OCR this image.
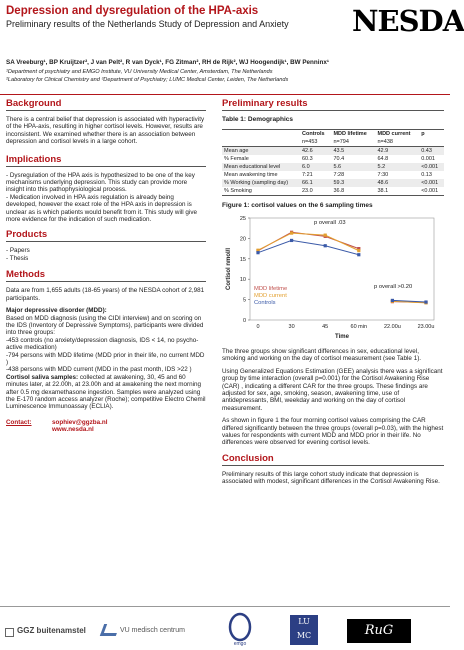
Depression and dysregulation of the HPA-axis
Preliminary results of the Netherlands Study of Depression and Anxiety NESDA
SA Vreeburg¹, BP Kruijtzer², J van Pelt², R van Dyck¹, FG Zitman², RH de Rijk², WJ Hoogendijk¹, BW Penninx¹
¹Department of psychiatry and EMGO Institute, VU University Medical Center, Amsterdam, The Netherlands
²Laboratory for Clinical Chemistry and ³Department of Psychiatry; LUMC Medical Center, Leiden, The Netherlands
Background

There is a central belief that depression is associated with hyperactivity of the HPA-axis, resulting in higher cortisol levels. However, results are inconsistent. We examined whether there is an association between depression and cortisol levels in a large cohort.

Implications

- Dysregulation of the HPA axis is hypothesized to be one of the key mechanisms underlying depression. This study can provide more insight into this pathophysiological process.

- Medication involved in HPA axis regulation is already being developed, however the exact role of the HPA axis in depression is unclear as is which patients would benefit from it. This study will give more evidence for the indication of such medication.

Products

- Papers

- Thesis

Methods

Data are from 1,655 adults (18-65 years) of the NESDA cohort of 2,981 participants.

Major depressive disorder (MDD):

Based on MDD diagnosis (using the CIDI interview) and on scoring on the IDS (Inventory of Depressive Symptoms), participants were divided into three groups:

-453 controls (no anxiety/depression diagnosis, IDS < 14, no psycho-active medication)

-794 persons with MDD lifetime (MDD prior in their life, no current MDD )

-438 persons with MDD current (MDD in the past month, IDS >22 )

Cortisol saliva samples: collected at awakening, 30, 45 and 60 minutes later, at 22.00h, at 23.00h and at awakening the next morning after 0.5 mg dexamethasone ingestion. Samples were analyzed using the E-170 random access analyzer (Roche); competitive Electro Chemil Luminescence Immunoassay (ECLIA).

Contact:	sophiev@ggzba.nl
www.nesda.nl
Preliminary results
Table 1: Demographics
	Controls	MDD lifetime	MDD current	p
	n=453	n=794	n=438	
Mean age	42.6	43.5	42.9	0.43
% Female	60.3	70.4	64.8	0.001
Mean educational level	6.0	5.6	5.2	<0.001
Mean awakening time	7:21	7:28	7:30	0.13
% Working (sampling day)	66.1	59.3	48.6	<0.001
% Smoking	23.0	36.8	38.1	<0.001
Figure 1: cortisol values on the 6 sampling times
0
5
10
15
20
25
0	30	45	60 min	22.00u	23.00u
Cortisol nmol/l
Time
MDD lifetime
MDD current
Controls
p overall .03
p overall >0.20

The three groups show significant differences in sex, educational level, smoking and working on the day of cortisol measurement (see Table 1).

Using Generalized Equations Estimation (GEE) analysis there was a significant group by time interaction (overall p=0.001) for the Cortisol Awakening Rise (CAR) , indicating a different CAR for the three groups. These findings are adjusted for sex, age, smoking, season, awakening time, use of antidepressants, BMI, weekday and working on the day of cortisol measurement.

As shown in figure 1 the four morning cortisol values comprising the CAR differed significantly between the three groups (overall p=0.03), with the highest values for respondents with current MDD and MDD prior in their life. No differences were observed for evening cortisol levels.

Conclusion

Preliminary results of this large cohort study indicate that depression is associated with modest, significant differences in the Cortisol Awakening Rise.

GGZ buitenamstel	VU medisch centrum
emgo
LU MC	RuG
